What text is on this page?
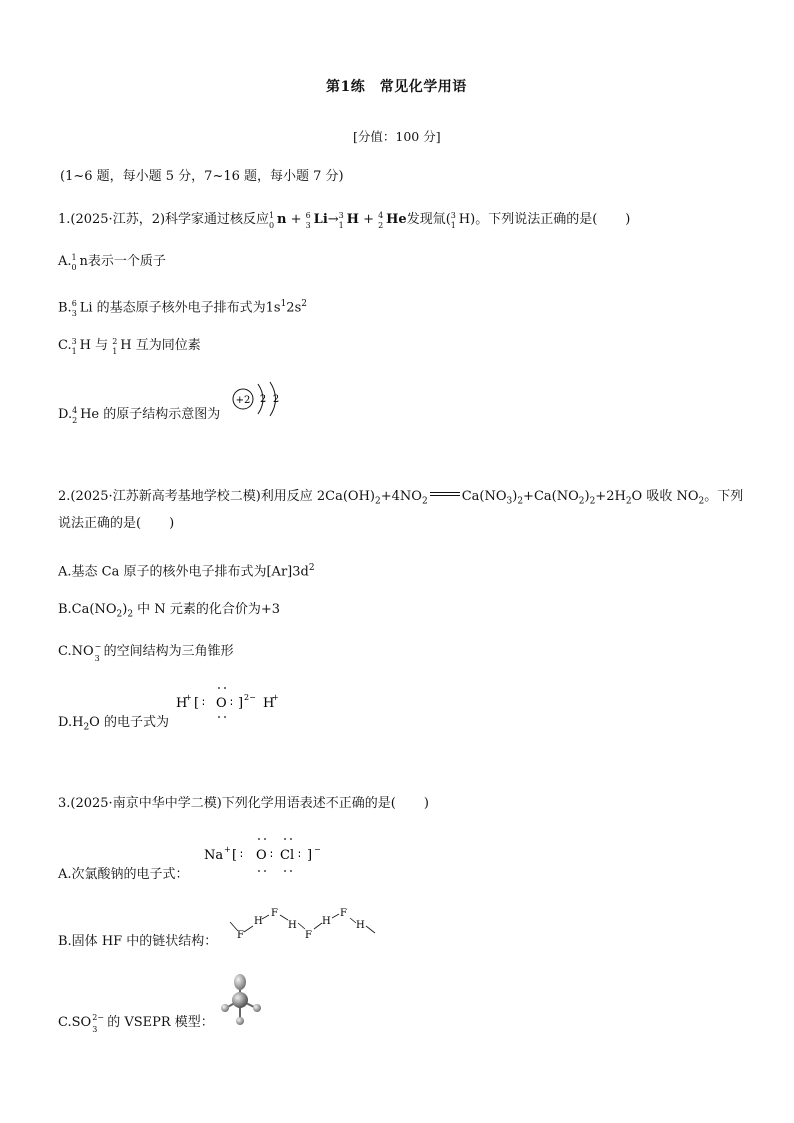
第1练　常见化学用语
[分值：100 分]
(1~6 题，每小题 5 分，7~16 题，每小题 7 分)
1.(2025·江苏，2)科学家通过核反应 1
0 n + 6
3 Li→ 3
1 H + 4
2 He发现氚( 3
1 H)。下列说法正确的是( )
A. 1
0 n表示一个质子
B. 6
3 Li 的基态原子核外电子排布式为$1s^12s^2$
C. 3
1 H 与 2
1 H 互为同位素
D. 4
2 He 的原子结构示意图为
+2 2 2
2.(2025·江苏新高考基地学校二模)利用反应 $2Ca(OH)_2+4NO_2$	$Ca(NO_3)_2+Ca(NO_2)_2+2H_2O$ 吸收 $NO_2$。下列
说法正确的是( )
A.基态 Ca 原子的核外电子排布式为$[Ar]3d^2$
$B.Ca(NO_2)_2$ 中 N 元素的化合价为+3
C.NO −
3 的空间结构为三角锥形
$D.H_2O$ 的电子式为
H
+ [ ∶ O ∶ ] 2− H
+
3.(2025·南京中华中学二模)下列化学用语表述不正确的是( )
A.次氯酸钠的电子式：
Na + [ ∶ O ∶ Cl ∶ ] −
B.固体 HF 中的链状结构： F
H
F
H
F
H
F
H
C.SO 2−
3 的 VSEPR 模型：
